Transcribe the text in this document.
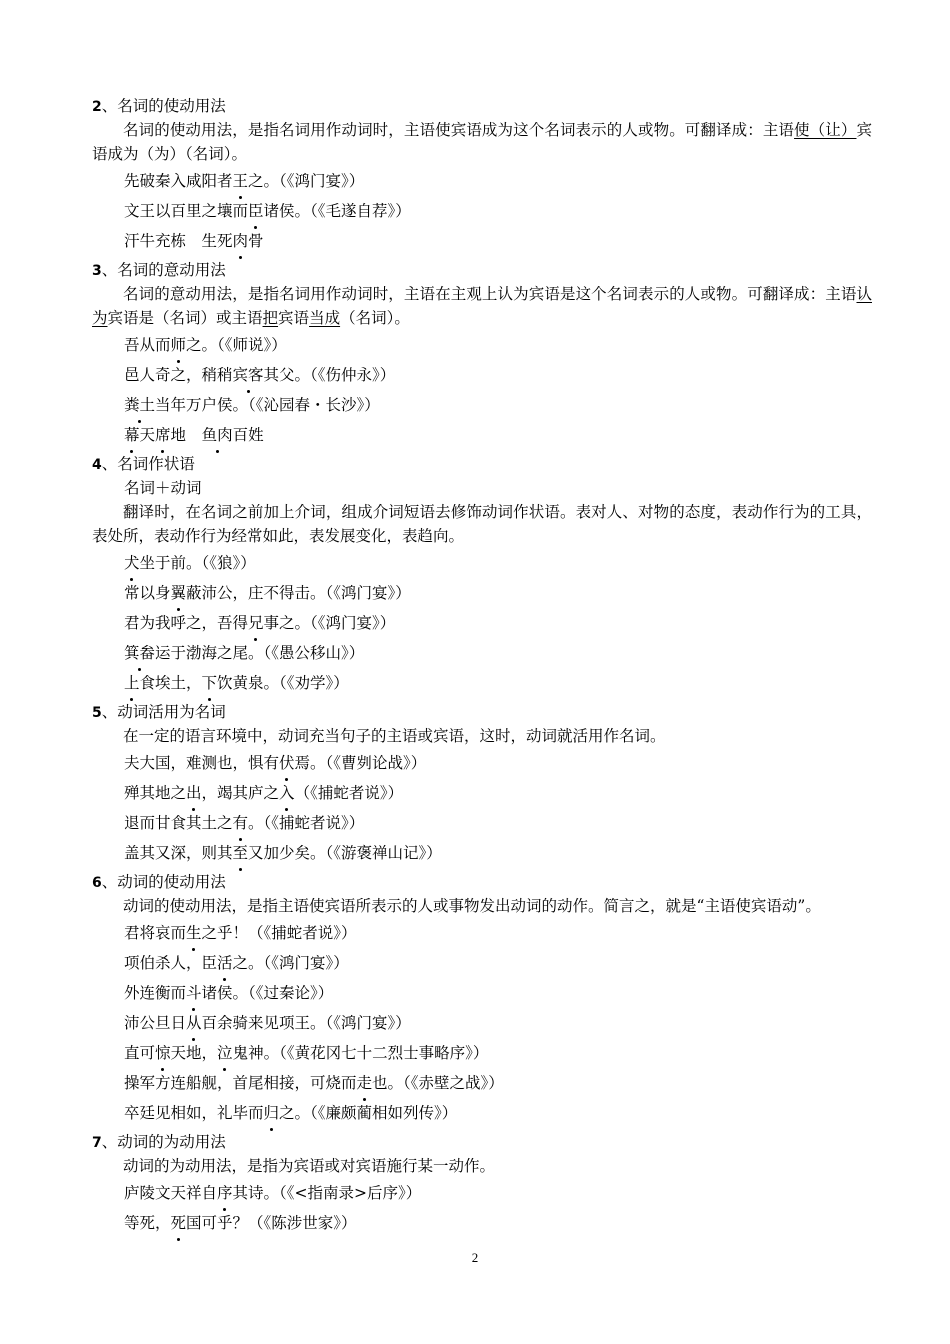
2、名词的使动用法

名词的使动用法，是指名词用作动词时，主语使宾语成为这个名词表示的人或物。可翻译成：主语使（让）宾语成为（为）（名词）。

先破秦入咸阳者王之。（《鸿门宴》）
文王以百里之壤而臣诸侯。（《毛遂自荐》）
汗牛充栋　生死肉骨
3、名词的意动用法

名词的意动用法，是指名词用作动词时，主语在主观上认为宾语是这个名词表示的人或物。可翻译成：主语认为宾语是（名词）或主语把宾语当成（名词）。

吾从而师之。（《师说》）
邑人奇之，稍稍宾客其父。（《伤仲永》）
粪土当年万户侯。（《沁园春・长沙》）
幕天席地　鱼肉百姓
4、名词作状语
名词＋动词

翻译时，在名词之前加上介词，组成介词短语去修饰动词作状语。表对人、对物的态度，表动作行为的工具，表处所，表动作行为经常如此，表发展变化，表趋向。

犬坐于前。（《狼》）
常以身翼蔽沛公，庄不得击。（《鸿门宴》）
君为我呼之，吾得兄事之。（《鸿门宴》）
箕畚运于渤海之尾。（《愚公移山》）
上食埃土，下饮黄泉。（《劝学》）
5、动词活用为名词

在一定的语言环境中，动词充当句子的主语或宾语，这时，动词就活用作名词。

夫大国，难测也，惧有伏焉。（《曹刿论战》）
殚其地之出，竭其庐之入（《捕蛇者说》）
退而甘食其土之有。（《捕蛇者说》）
盖其又深，则其至又加少矣。（《游褒禅山记》）
6、动词的使动用法

动词的使动用法，是指主语使宾语所表示的人或事物发出动词的动作。简言之，就是“主语使宾语动”。

君将哀而生之乎！（《捕蛇者说》）
项伯杀人，臣活之。（《鸿门宴》）
外连衡而斗诸侯。（《过秦论》）
沛公旦日从百余骑来见项王。（《鸿门宴》）
直可惊天地，泣鬼神。（《黄花冈七十二烈士事略序》）
操军方连船舰，首尾相接，可烧而走也。（《赤壁之战》）
卒廷见相如，礼毕而归之。（《廉颇蔺相如列传》）
7、动词的为动用法

动词的为动用法，是指为宾语或对宾语施行某一动作。

庐陵文天祥自序其诗。（《<指南录>后序》）
等死，死国可乎？（《陈涉世家》）
2
